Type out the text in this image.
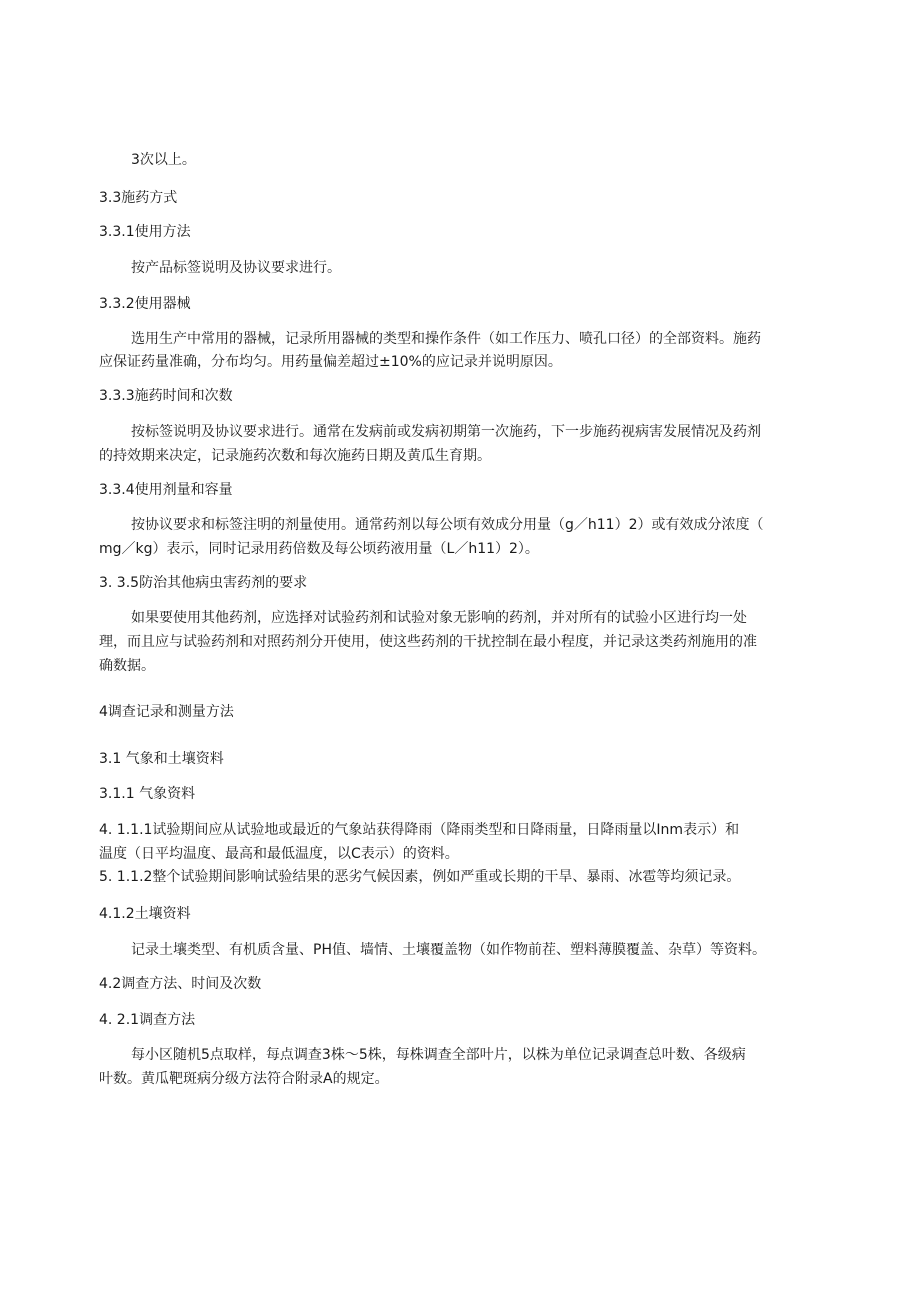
3次以上。

3.3施药方式

3.3.1使用方法

按产品标签说明及协议要求进行。

3.3.2使用器械

选用生产中常用的器械，记录所用器械的类型和操作条件（如工作压力、喷孔口径）的全部资料。施药

应保证药量准确，分布均匀。用药量偏差超过±10%的应记录并说明原因。

3.3.3施药时间和次数

按标签说明及协议要求进行。通常在发病前或发病初期第一次施药，下一步施药视病害发展情况及药剂

的持效期来决定，记录施药次数和每次施药日期及黄瓜生育期。

3.3.4使用剂量和容量

按协议要求和标签注明的剂量使用。通常药剂以每公顷有效成分用量（g／h11）2）或有效成分浓度（

mg／kg）表示，同时记录用药倍数及每公顷药液用量（L／h11）2）。

3. 3.5防治其他病虫害药剂的要求

如果要使用其他药剂，应选择对试验药剂和试验对象无影响的药剂，并对所有的试验小区进行均一处

理，而且应与试验药剂和对照药剂分开使用，使这些药剂的干扰控制在最小程度，并记录这类药剂施用的准

确数据。

4调查记录和测量方法

3.1 气象和土壤资料

3.1.1 气象资料

4. 1.1.1试验期间应从试验地或最近的气象站获得降雨（降雨类型和日降雨量，日降雨量以Inm表示）和

温度（日平均温度、最高和最低温度，以C表示）的资料。

5. 1.1.2整个试验期间影响试验结果的恶劣气候因素，例如严重或长期的干旱、暴雨、冰雹等均须记录。

4.1.2土壤资料

记录土壤类型、有机质含量、PH值、墙情、土壤覆盖物（如作物前茬、塑料薄膜覆盖、杂草）等资料。

4.2调查方法、时间及次数

4. 2.1调查方法

每小区随机5点取样，每点调查3株～5株，每株调查全部叶片，以株为单位记录调查总叶数、各级病

叶数。黄瓜靶斑病分级方法符合附录A的规定。
